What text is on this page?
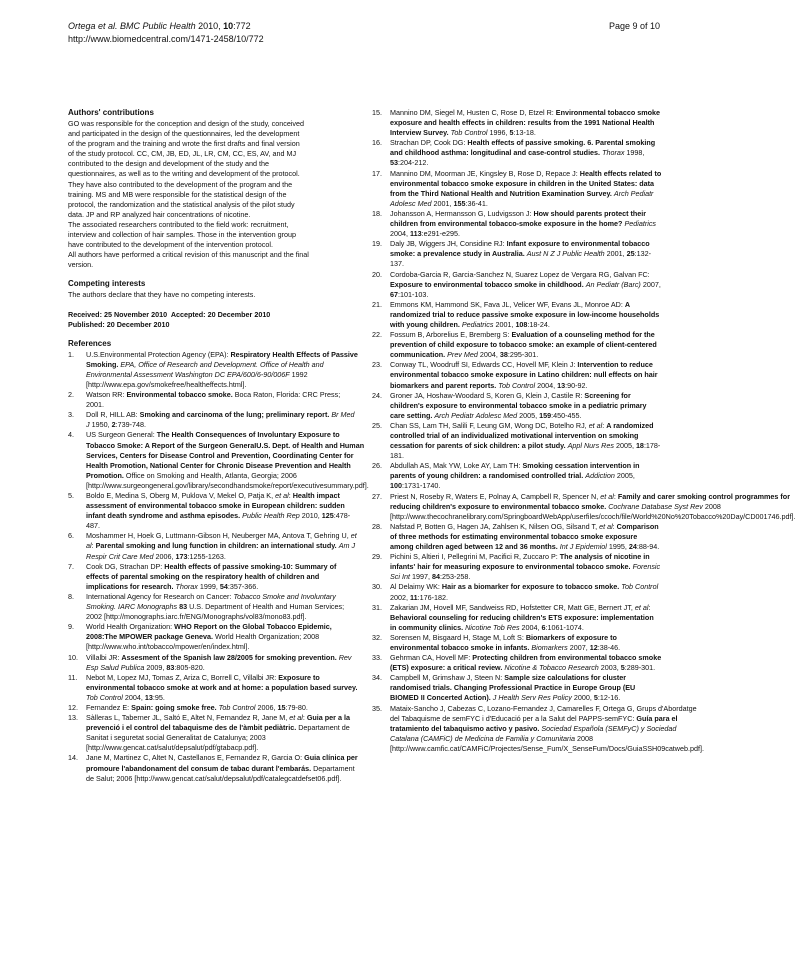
Ortega et al. BMC Public Health 2010, 10:772
http://www.biomedcentral.com/1471-2458/10/772
Page 9 of 10
Authors' contributions
GO was responsible for the conception and design of the study, conceived
and participated in the design of the questionnaires, led the development
of the program and the training and wrote the first drafts and final version
of the study protocol. CC, CM, JB, ED, JL, LR, CM, CC, ES, AV, and MJ
contributed to the design and development of the study and the
questionnaires, as well as to the writing and development of the protocol.
They have also contributed to the development of the program and the
training. MS and MB were responsible for the statistical design of the
protocol, the randomization and the statistical analysis of the pilot study
data. JP and RP analyzed hair concentrations of nicotine.
The associated researchers contributed to the field work: recruitment,
interview and collection of hair samples. Those in the intervention group
have contributed to the development of the intervention protocol.
All authors have performed a critical revision of this manuscript and the final
version.
Competing interests

The authors declare that they have no competing interests.

Received: 25 November 2010 Accepted: 20 December 2010

Published: 20 December 2010

References
1.	U.S.Environmental Protection Agency (EPA): Respiratory Health Effects of Passive Smoking. EPA, Office of Research and Development. Office of Health and Environmental Assessment Washington DC EPA/600/6-90/006F 1992 [http://www.epa.gov/smokefree/healtheffects.html].
2.	Watson RR: Environmental tobacco smoke. Boca Raton, Florida: CRC Press; 2001.
3.	Doll R, HILL AB: Smoking and carcinoma of the lung; preliminary report. Br Med J 1950, 2:739-748.
4.	US Surgeon General: The Health Consequences of Involuntary Exposure to Tobacco Smoke: A Report of the Surgeon GeneraIU.S. Dept. of Health and Human Services, Centers for Disease Control and Prevention, Coordinating Center for Health Promotion, National Center for Chronic Disease Prevention and Health Promotion. Office on Smoking and Health, Atlanta, Georgia; 2006 [http://www.surgeongeneral.gov/library/secondhandsmoke/report/executivesummary.pdf].
5.	Boldo E, Medina S, Oberg M, Puklova V, Mekel O, Patja K, et al: Health impact assessment of environmental tobacco smoke in European children: sudden infant death syndrome and asthma episodes. Public Health Rep 2010, 125:478-487.
6.	Moshammer H, Hoek G, Luttmann-Gibson H, Neuberger MA, Antova T, Gehring U, et al: Parental smoking and lung function in children: an international study. Am J Respir Crit Care Med 2006, 173:1255-1263.
7.	Cook DG, Strachan DP: Health effects of passive smoking-10: Summary of effects of parental smoking on the respiratory health of children and implications for research. Thorax 1999, 54:357-366.
8.	International Agency for Research on Cancer: Tobacco Smoke and Involuntary Smoking. IARC Monographs 83 U.S. Department of Health and Human Services; 2002 [http://monographs.iarc.fr/ENG/Monographs/vol83/mono83.pdf].
9.	World Health Organization: WHO Report on the Global Tobacco Epidemic, 2008:The MPOWER package Geneva. World Health Organization; 2008 [http://www.who.int/tobacco/mpower/en/index.html].
10.	Villalbi JR: Assesment of the Spanish law 28/2005 for smoking prevention. Rev Esp Salud Publica 2009, 83:805-820.
11.	Nebot M, Lopez MJ, Tomas Z, Ariza C, Borrell C, Villalbi JR: Exposure to environmental tobacco smoke at work and at home: a population based survey. Tob Control 2004, 13:95.
12.	Fernandez E: Spain: going smoke free. Tob Control 2006, 15:79-80.
13.	Sàlleras L, Taberner JL, Saltó E, Altet N, Fernandez R, Jane M, et al: Guia per a la prevenció i el control del tabaquisme des de l'àmbit pediàtric. Departament de Sanitat i seguretat social Generalitat de Catalunya; 2003 [http://www.gencat.cat/salut/depsalut/pdf/gtabacp.pdf].
14.	Jane M, Martinez C, Altet N, Castellanos E, Fernandez R, Garcia O: Guia clínica per promoure l'abandonament del consum de tabac durant l'embarás. Departament de Salut; 2006 [http://www.gencat.cat/salut/depsalut/pdf/catalegcatdefset06.pdf].
15.	Mannino DM, Siegel M, Husten C, Rose D, Etzel R: Environmental tobacco smoke exposure and health effects in children: results from the 1991 National Health Interview Survey. Tob Control 1996, 5:13-18.
16.	Strachan DP, Cook DG: Health effects of passive smoking. 6. Parental smoking and childhood asthma: longitudinal and case-control studies. Thorax 1998, 53:204-212.
17.	Mannino DM, Moorman JE, Kingsley B, Rose D, Repace J: Health effects related to environmental tobacco smoke exposure in children in the United States: data from the Third National Health and Nutrition Examination Survey. Arch Pediatr Adolesc Med 2001, 155:36-41.
18.	Johansson A, Hermansson G, Ludvigsson J: How should parents protect their children from environmental tobacco-smoke exposure in the home? Pediatrics 2004, 113:e291-e295.
19.	Daly JB, Wiggers JH, Considine RJ: Infant exposure to environmental tobacco smoke: a prevalence study in Australia. Aust N Z J Public Health 2001, 25:132-137.
20.	Cordoba-Garcia R, Garcia-Sanchez N, Suarez Lopez de Vergara RG, Galvan FC: Exposure to environmental tobacco smoke in childhood. An Pediatr (Barc) 2007, 67:101-103.
21.	Emmons KM, Hammond SK, Fava JL, Velicer WF, Evans JL, Monroe AD: A randomized trial to reduce passive smoke exposure in low-income households with young children. Pediatrics 2001, 108:18-24.
22.	Fossum B, Arborelius E, Bremberg S: Evaluation of a counseling method for the prevention of child exposure to tobacco smoke: an example of client-centered communication. Prev Med 2004, 38:295-301.
23.	Conway TL, Woodruff SI, Edwards CC, Hovell MF, Klein J: Intervention to reduce environmental tobacco smoke exposure in Latino children: null effects on hair biomarkers and parent reports. Tob Control 2004, 13:90-92.
24.	Groner JA, Hoshaw-Woodard S, Koren G, Klein J, Castile R: Screening for children's exposure to environmental tobacco smoke in a pediatric primary care setting. Arch Pediatr Adolesc Med 2005, 159:450-455.
25.	Chan SS, Lam TH, Salili F, Leung GM, Wong DC, Botelho RJ, et al: A randomized controlled trial of an individualized motivational intervention on smoking cessation for parents of sick children: a pilot study. Appl Nurs Res 2005, 18:178-181.
26.	Abdullah AS, Mak YW, Loke AY, Lam TH: Smoking cessation intervention in parents of young children: a randomised controlled trial. Addiction 2005, 100:1731-1740.
27.	Priest N, Roseby R, Waters E, Polnay A, Campbell R, Spencer N, et al: Family and carer smoking control programmes for reducing children's exposure to environmental tobacco smoke. Cochrane Database Syst Rev 2008 [http://www.thecochranelibrary.com/SpringboardWebApp/userfiles/ccoch/file/World%20No%20Tobacco%20Day/CD001746.pdf].
28.	Nafstad P, Botten G, Hagen JA, Zahlsen K, Nilsen OG, Silsand T, et al: Comparison of three methods for estimating environmental tobacco smoke exposure among children aged between 12 and 36 months. Int J Epidemiol 1995, 24:88-94.
29.	Pichini S, Altieri I, Pellegrini M, Pacifici R, Zuccaro P: The analysis of nicotine in infants' hair for measuring exposure to environmental tobacco smoke. Forensic Sci Int 1997, 84:253-258.
30.	Al Delaimy WK: Hair as a biomarker for exposure to tobacco smoke. Tob Control 2002, 11:176-182.
31.	Zakarian JM, Hovell MF, Sandweiss RD, Hofstetter CR, Matt GE, Bernert JT, et al: Behavioral counseling for reducing children's ETS exposure: implementation in community clinics. Nicotine Tob Res 2004, 6:1061-1074.
32.	Sorensen M, Bisgaard H, Stage M, Loft S: Biomarkers of exposure to environmental tobacco smoke in infants. Biomarkers 2007, 12:38-46.
33.	Gehrman CA, Hovell MF: Protecting children from environmental tobacco smoke (ETS) exposure: a critical review. Nicotine & Tobacco Research 2003, 5:289-301.
34.	Campbell M, Grimshaw J, Steen N: Sample size calculations for cluster randomised trials. Changing Professional Practice in Europe Group (EU BIOMED II Concerted Action). J Health Serv Res Policy 2000, 5:12-16.
35.	Mataix-Sancho J, Cabezas C, Lozano-Fernandez J, Camarelles F, Ortega G, Grups d'Abordatge del Tabaquisme de semFYC i d'Educació per a la Salut del PAPPS-semFYC: Guía para el tratamiento del tabaquismo activo y pasivo. Sociedad Española (SEMFyC) y Sociedad Catalana (CAMFiC) de Medicina de Familia y Comunitaria 2008 [http://www.camfic.cat/CAMFiC/Projectes/Sense_Fum/X_SenseFum/Docs/GuiaSSH09catweb.pdf].
